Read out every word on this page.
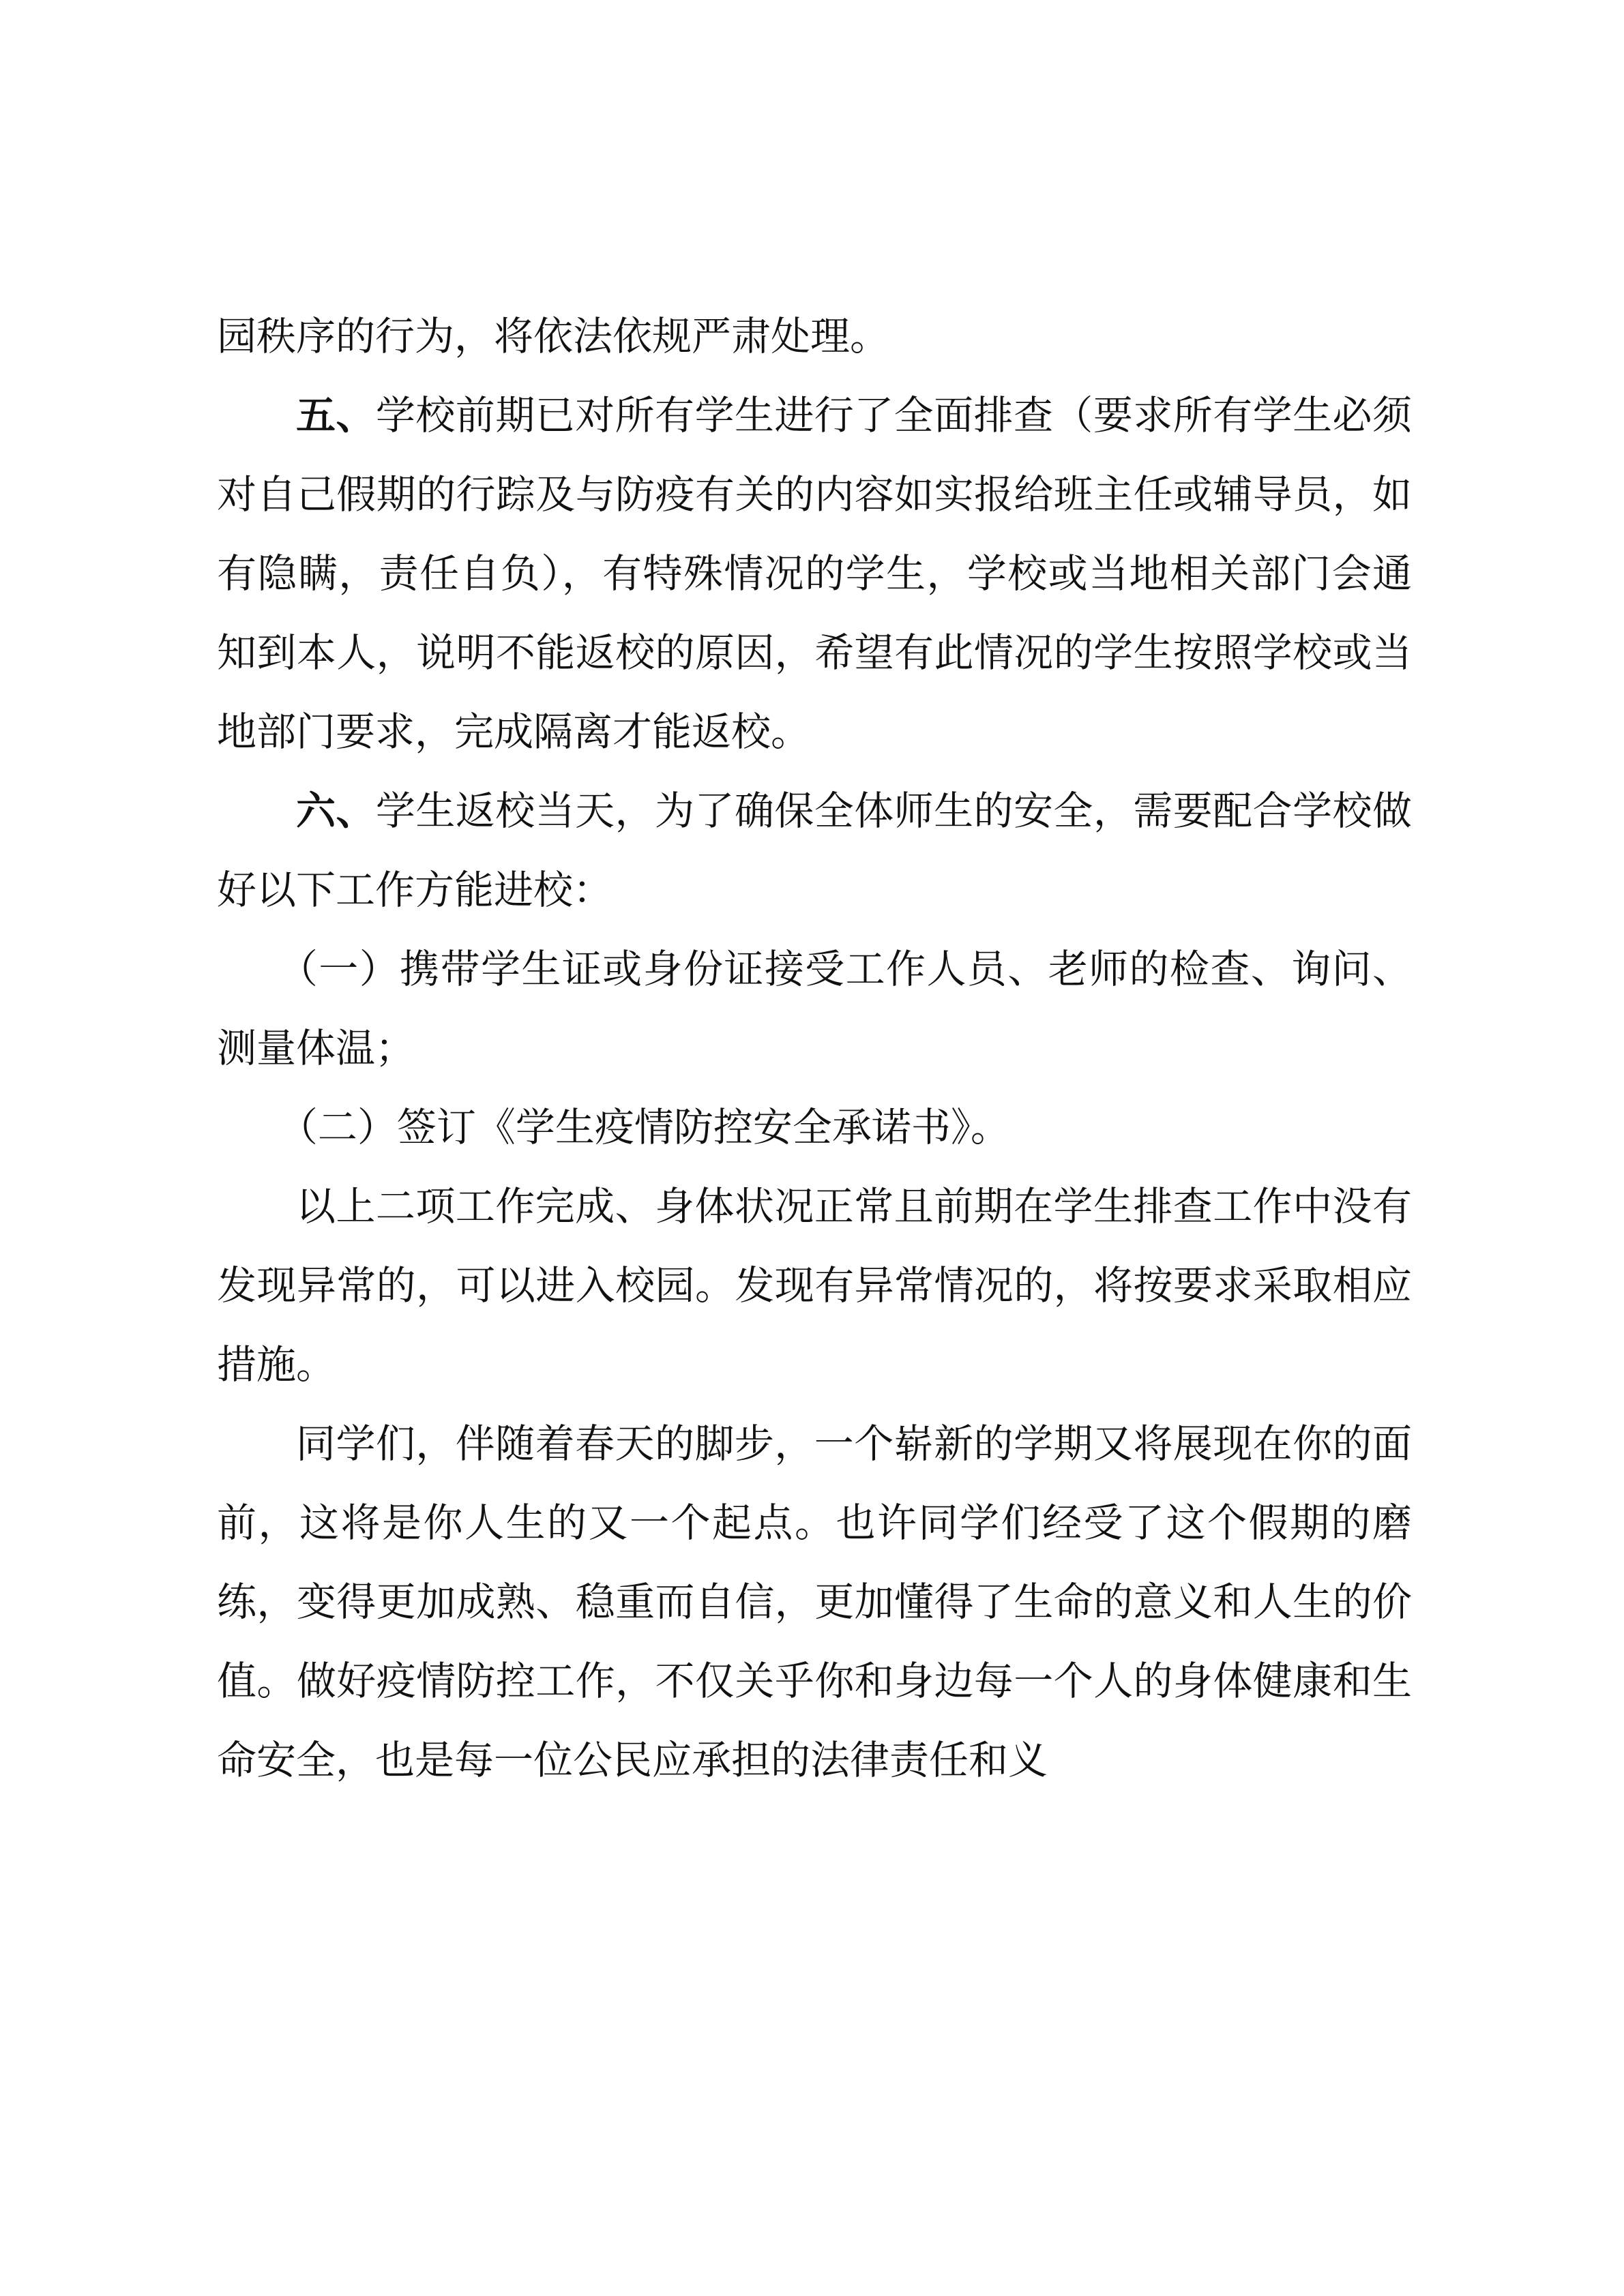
园秩序的行为，将依法依规严肃处理。

五、学校前期已对所有学生进行了全面排查（要求所有学生必须对自己假期的行踪及与防疫有关的内容如实报给班主任或辅导员，如有隐瞒，责任自负），有特殊情况的学生，学校或当地相关部门会通知到本人，说明不能返校的原因，希望有此情况的学生按照学校或当地部门要求，完成隔离才能返校。

六、学生返校当天，为了确保全体师生的安全，需要配合学校做好以下工作方能进校：

（一）携带学生证或身份证接受工作人员、老师的检查、询问、测量体温；

（二）签订《学生疫情防控安全承诺书》。

以上二项工作完成、身体状况正常且前期在学生排查工作中没有发现异常的，可以进入校园。发现有异常情况的，将按要求采取相应措施。

同学们，伴随着春天的脚步，一个崭新的学期又将展现在你的面前，这将是你人生的又一个起点。也许同学们经受了这个假期的磨练，变得更加成熟、稳重而自信，更加懂得了生命的意义和人生的价值。做好疫情防控工作，不仅关乎你和身边每一个人的身体健康和生命安全，也是每一位公民应承担的法律责任和义
